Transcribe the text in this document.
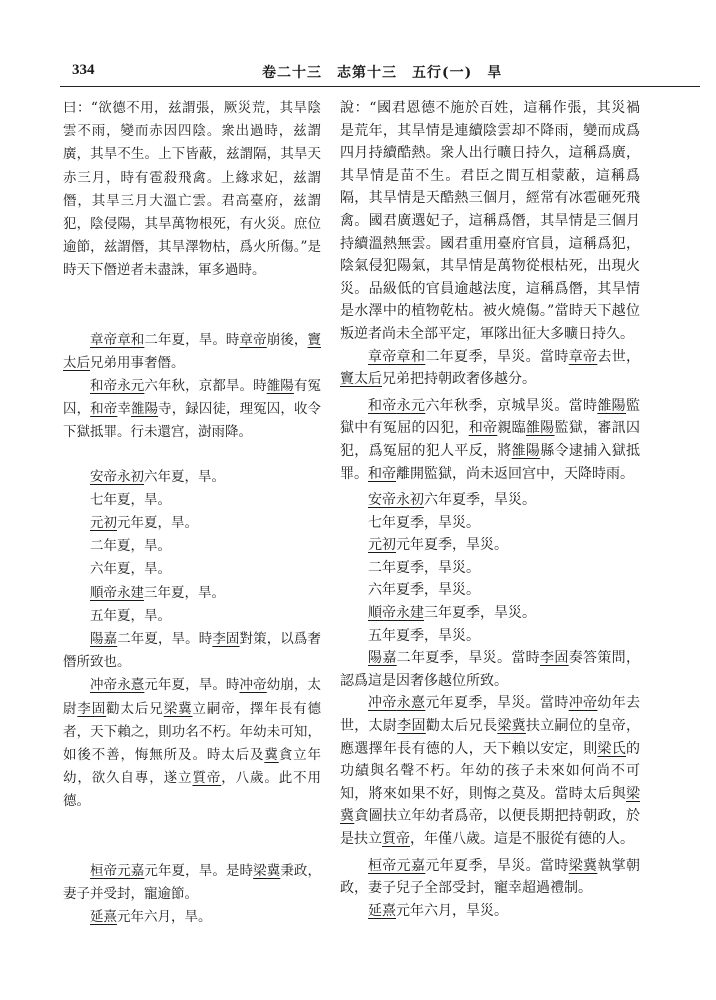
334	卷二十三　志第十三　五行(一)　旱

曰：“欲德不用，兹謂張，厥災荒，其旱陰雲不雨，變而赤因四陰。衆出過時，兹謂廣，其旱不生。上下皆蔽，兹謂隔，其旱天赤三月，時有雹殺飛禽。上緣求妃，兹謂僭，其旱三月大溫亡雲。君高臺府，兹謂犯，陰侵陽，其旱萬物根死，有火災。庶位逾節，兹謂僭，其旱澤物枯，爲火所傷。”是時天下僭逆者未盡誅，軍多過時。

章帝章和二年夏，旱。時章帝崩後，竇太后兄弟用事奢僭。

和帝永元六年秋，京都旱。時雒陽有冤囚，和帝幸雒陽寺，録囚徒，理冤囚，收令下獄抵罪。行未還宫，澍雨降。

安帝永初六年夏，旱。

七年夏，旱。

元初元年夏，旱。

二年夏，旱。

六年夏，旱。

順帝永建三年夏，旱。

五年夏，旱。

陽嘉二年夏，旱。時李固對策，以爲奢僭所致也。

冲帝永憙元年夏，旱。時冲帝幼崩，太尉李固勸太后兄梁冀立嗣帝，擇年長有德者，天下賴之，則功名不朽。年幼未可知，如後不善，悔無所及。時太后及冀貪立年幼，欲久自專，遂立質帝，八歲。此不用德。

桓帝元嘉元年夏，旱。是時梁冀秉政，妻子并受封，寵逾節。

延熹元年六月，旱。

說：“國君恩德不施於百姓，這稱作張，其災禍是荒年，其旱情是連續陰雲却不降雨，變而成爲四月持續酷熱。衆人出行曠日持久，這稱爲廣，其旱情是苗不生。君臣之間互相蒙蔽，這稱爲隔，其旱情是天酷熱三個月，經常有冰雹砸死飛禽。國君廣選妃子，這稱爲僭，其旱情是三個月持續溫熱無雲。國君重用臺府官員，這稱爲犯，陰氣侵犯陽氣，其旱情是萬物從根枯死，出現火災。品級低的官員逾越法度，這稱爲僭，其旱情是水澤中的植物乾枯。被火燒傷。”當時天下越位叛逆者尚未全部平定，軍隊出征大多曠日持久。

章帝章和二年夏季，旱災。當時章帝去世，竇太后兄弟把持朝政奢侈越分。

和帝永元六年秋季，京城旱災。當時雒陽監獄中有冤屈的囚犯，和帝親臨雒陽監獄，審訊囚犯，爲冤屈的犯人平反，將雒陽縣令逮捕入獄抵罪。和帝離開監獄，尚未返回宫中，天降時雨。

安帝永初六年夏季，旱災。

七年夏季，旱災。

元初元年夏季，旱災。

二年夏季，旱災。

六年夏季，旱災。

順帝永建三年夏季，旱災。

五年夏季，旱災。

陽嘉二年夏季，旱災。當時李固奏答策問，認爲這是因奢侈越位所致。

冲帝永憙元年夏季，旱災。當時冲帝幼年去世，太尉李固勸太后兄長梁冀扶立嗣位的皇帝，應選擇年長有德的人，天下賴以安定，則梁氏的功績與名聲不朽。年幼的孩子未來如何尚不可知，將來如果不好，則悔之莫及。當時太后與梁冀貪圖扶立年幼者爲帝，以便長期把持朝政，於是扶立質帝，年僅八歲。這是不服從有德的人。

桓帝元嘉元年夏季，旱災。當時梁冀執掌朝政，妻子兒子全部受封，寵幸超過禮制。

延熹元年六月，旱災。
